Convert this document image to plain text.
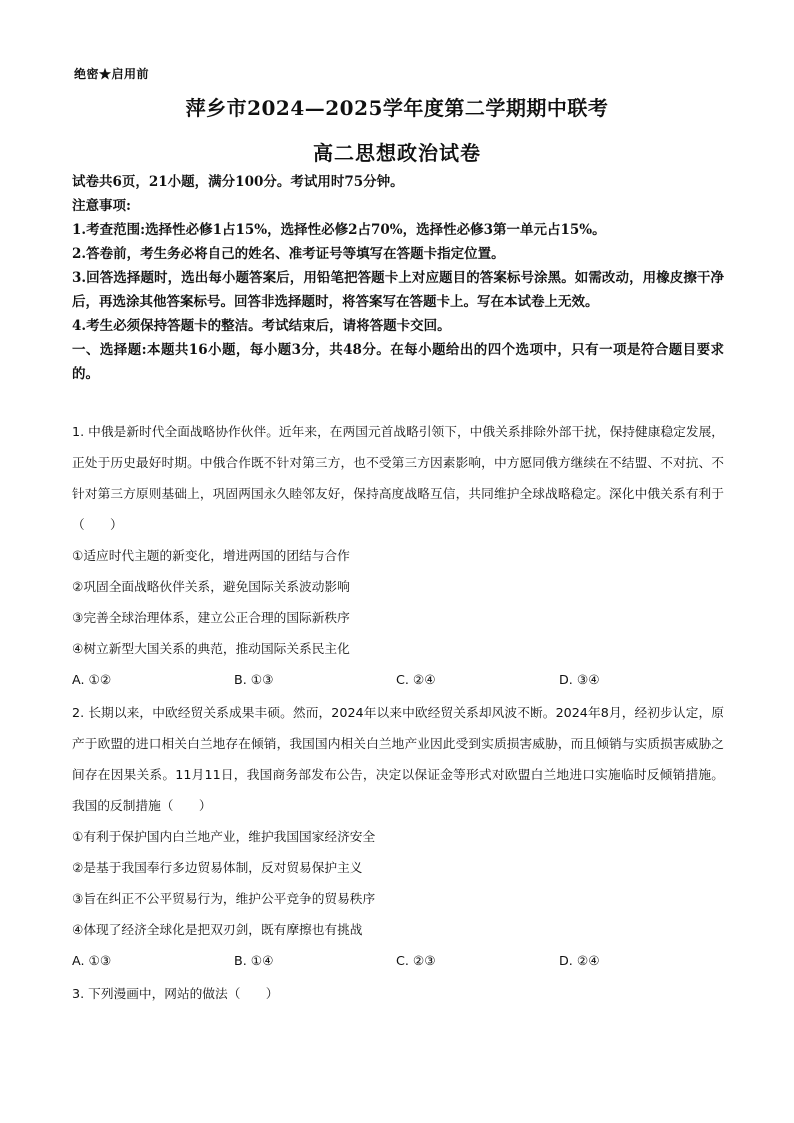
绝密★启用前
萍乡市2024—2025学年度第二学期期中联考
高二思想政治试卷
试卷共6页，21小题，满分100分。考试用时75分钟。
注意事项:
1.考查范围:选择性必修1占15%，选择性必修2占70%，选择性必修3第一单元占15%。
2.答卷前，考生务必将自己的姓名、准考证号等填写在答题卡指定位置。
3.回答选择题时，选出每小题答案后，用铅笔把答题卡上对应题目的答案标号涂黑。如需改动，用橡皮擦干净后，再选涂其他答案标号。回答非选择题时，将答案写在答题卡上。写在本试卷上无效。
4.考生必须保持答题卡的整洁。考试结束后，请将答题卡交回。
一、选择题:本题共16小题，每小题3分，共48分。在每小题给出的四个选项中，只有一项是符合题目要求的。
1. 中俄是新时代全面战略协作伙伴。近年来，在两国元首战略引领下，中俄关系排除外部干扰，保持健康稳定发展，正处于历史最好时期。中俄合作既不针对第三方，也不受第三方因素影响，中方愿同俄方继续在不结盟、不对抗、不针对第三方原则基础上，巩固两国永久睦邻友好，保持高度战略互信，共同维护全球战略稳定。深化中俄关系有利于（　　）
①适应时代主题的新变化，增进两国的团结与合作
②巩固全面战略伙伴关系，避免国际关系波动影响
③完善全球治理体系，建立公正合理的国际新秩序
④树立新型大国关系的典范，推动国际关系民主化
A. ①②	B. ①③	C. ②④	D. ③④
2. 长期以来，中欧经贸关系成果丰硕。然而，2024年以来中欧经贸关系却风波不断。2024年8月，经初步认定，原产于欧盟的进口相关白兰地存在倾销，我国国内相关白兰地产业因此受到实质损害威胁，而且倾销与实质损害威胁之间存在因果关系。11月11日，我国商务部发布公告，决定以保证金等形式对欧盟白兰地进口实施临时反倾销措施。我国的反制措施（　　）
①有利于保护国内白兰地产业，维护我国国家经济安全
②是基于我国奉行多边贸易体制，反对贸易保护主义
③旨在纠正不公平贸易行为，维护公平竞争的贸易秩序
④体现了经济全球化是把双刃剑，既有摩擦也有挑战
A. ①③	B. ①④	C. ②③	D. ②④
3. 下列漫画中，网站的做法（　　）
